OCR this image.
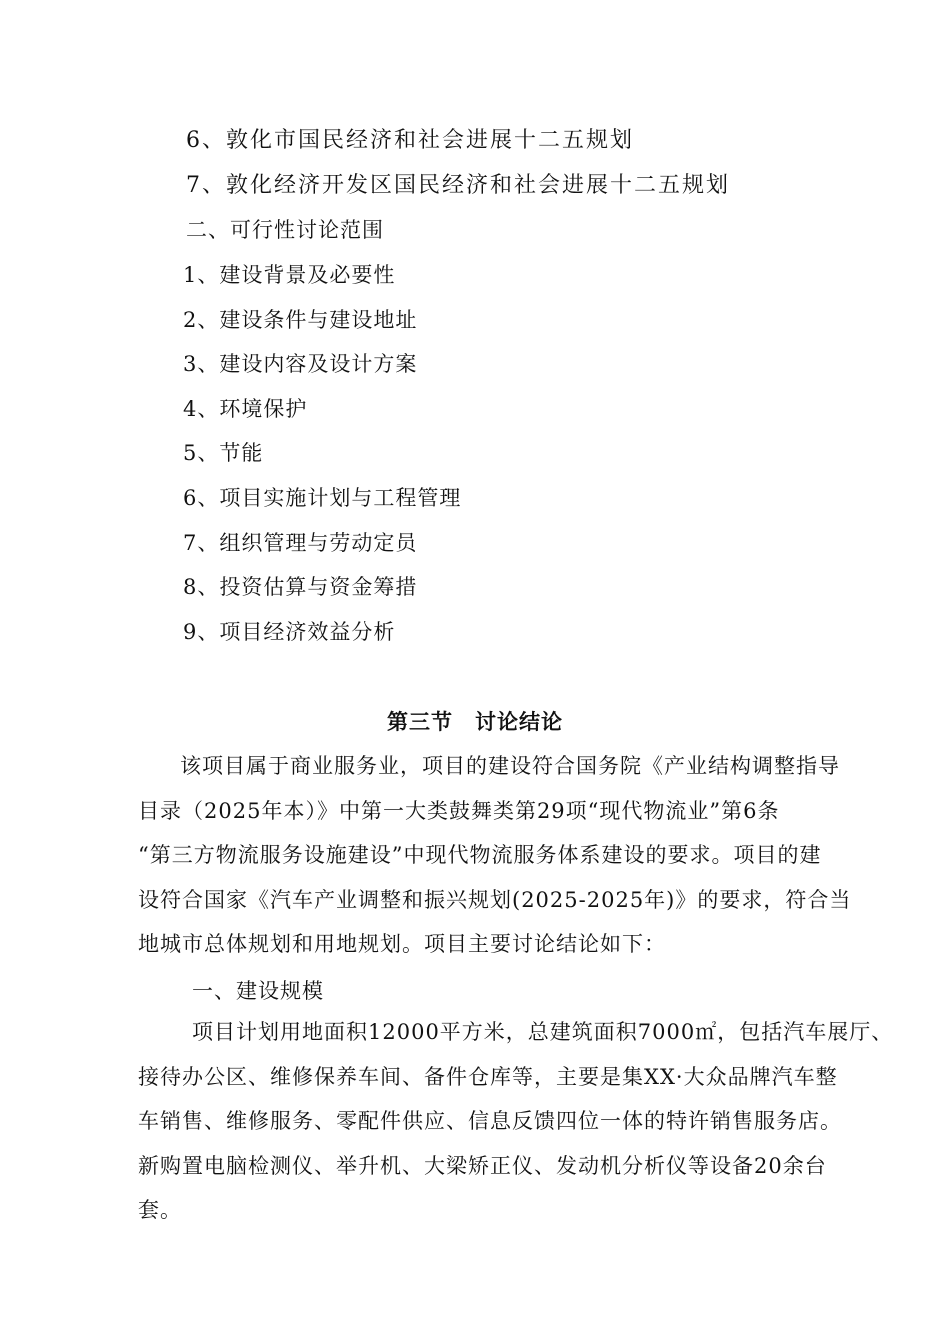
6、敦化市国民经济和社会进展十二五规划
7、敦化经济开发区国民经济和社会进展十二五规划
二、可行性讨论范围
1、建设背景及必要性
2、建设条件与建设地址
3、建设内容及设计方案
4、环境保护
5、节能
6、项目实施计划与工程管理
7、组织管理与劳动定员
8、投资估算与资金筹措
9、项目经济效益分析
第三节　讨论结论
该项目属于商业服务业，项目的建设符合国务院《产业结构调整指导
目录（2025年本）》中第一大类鼓舞类第29项“现代物流业”第6条
“第三方物流服务设施建设”中现代物流服务体系建设的要求。项目的建
设符合国家《汽车产业调整和振兴规划(2025-2025年)》的要求，符合当
地城市总体规划和用地规划。项目主要讨论结论如下：
一、建设规模
项目计划用地面积12000平方米，总建筑面积7000㎡，包括汽车展厅、
接待办公区、维修保养车间、备件仓库等，主要是集XX·大众品牌汽车整
车销售、维修服务、零配件供应、信息反馈四位一体的特许销售服务店。
新购置电脑检测仪、举升机、大梁矫正仪、发动机分析仪等设备20余台
套。
